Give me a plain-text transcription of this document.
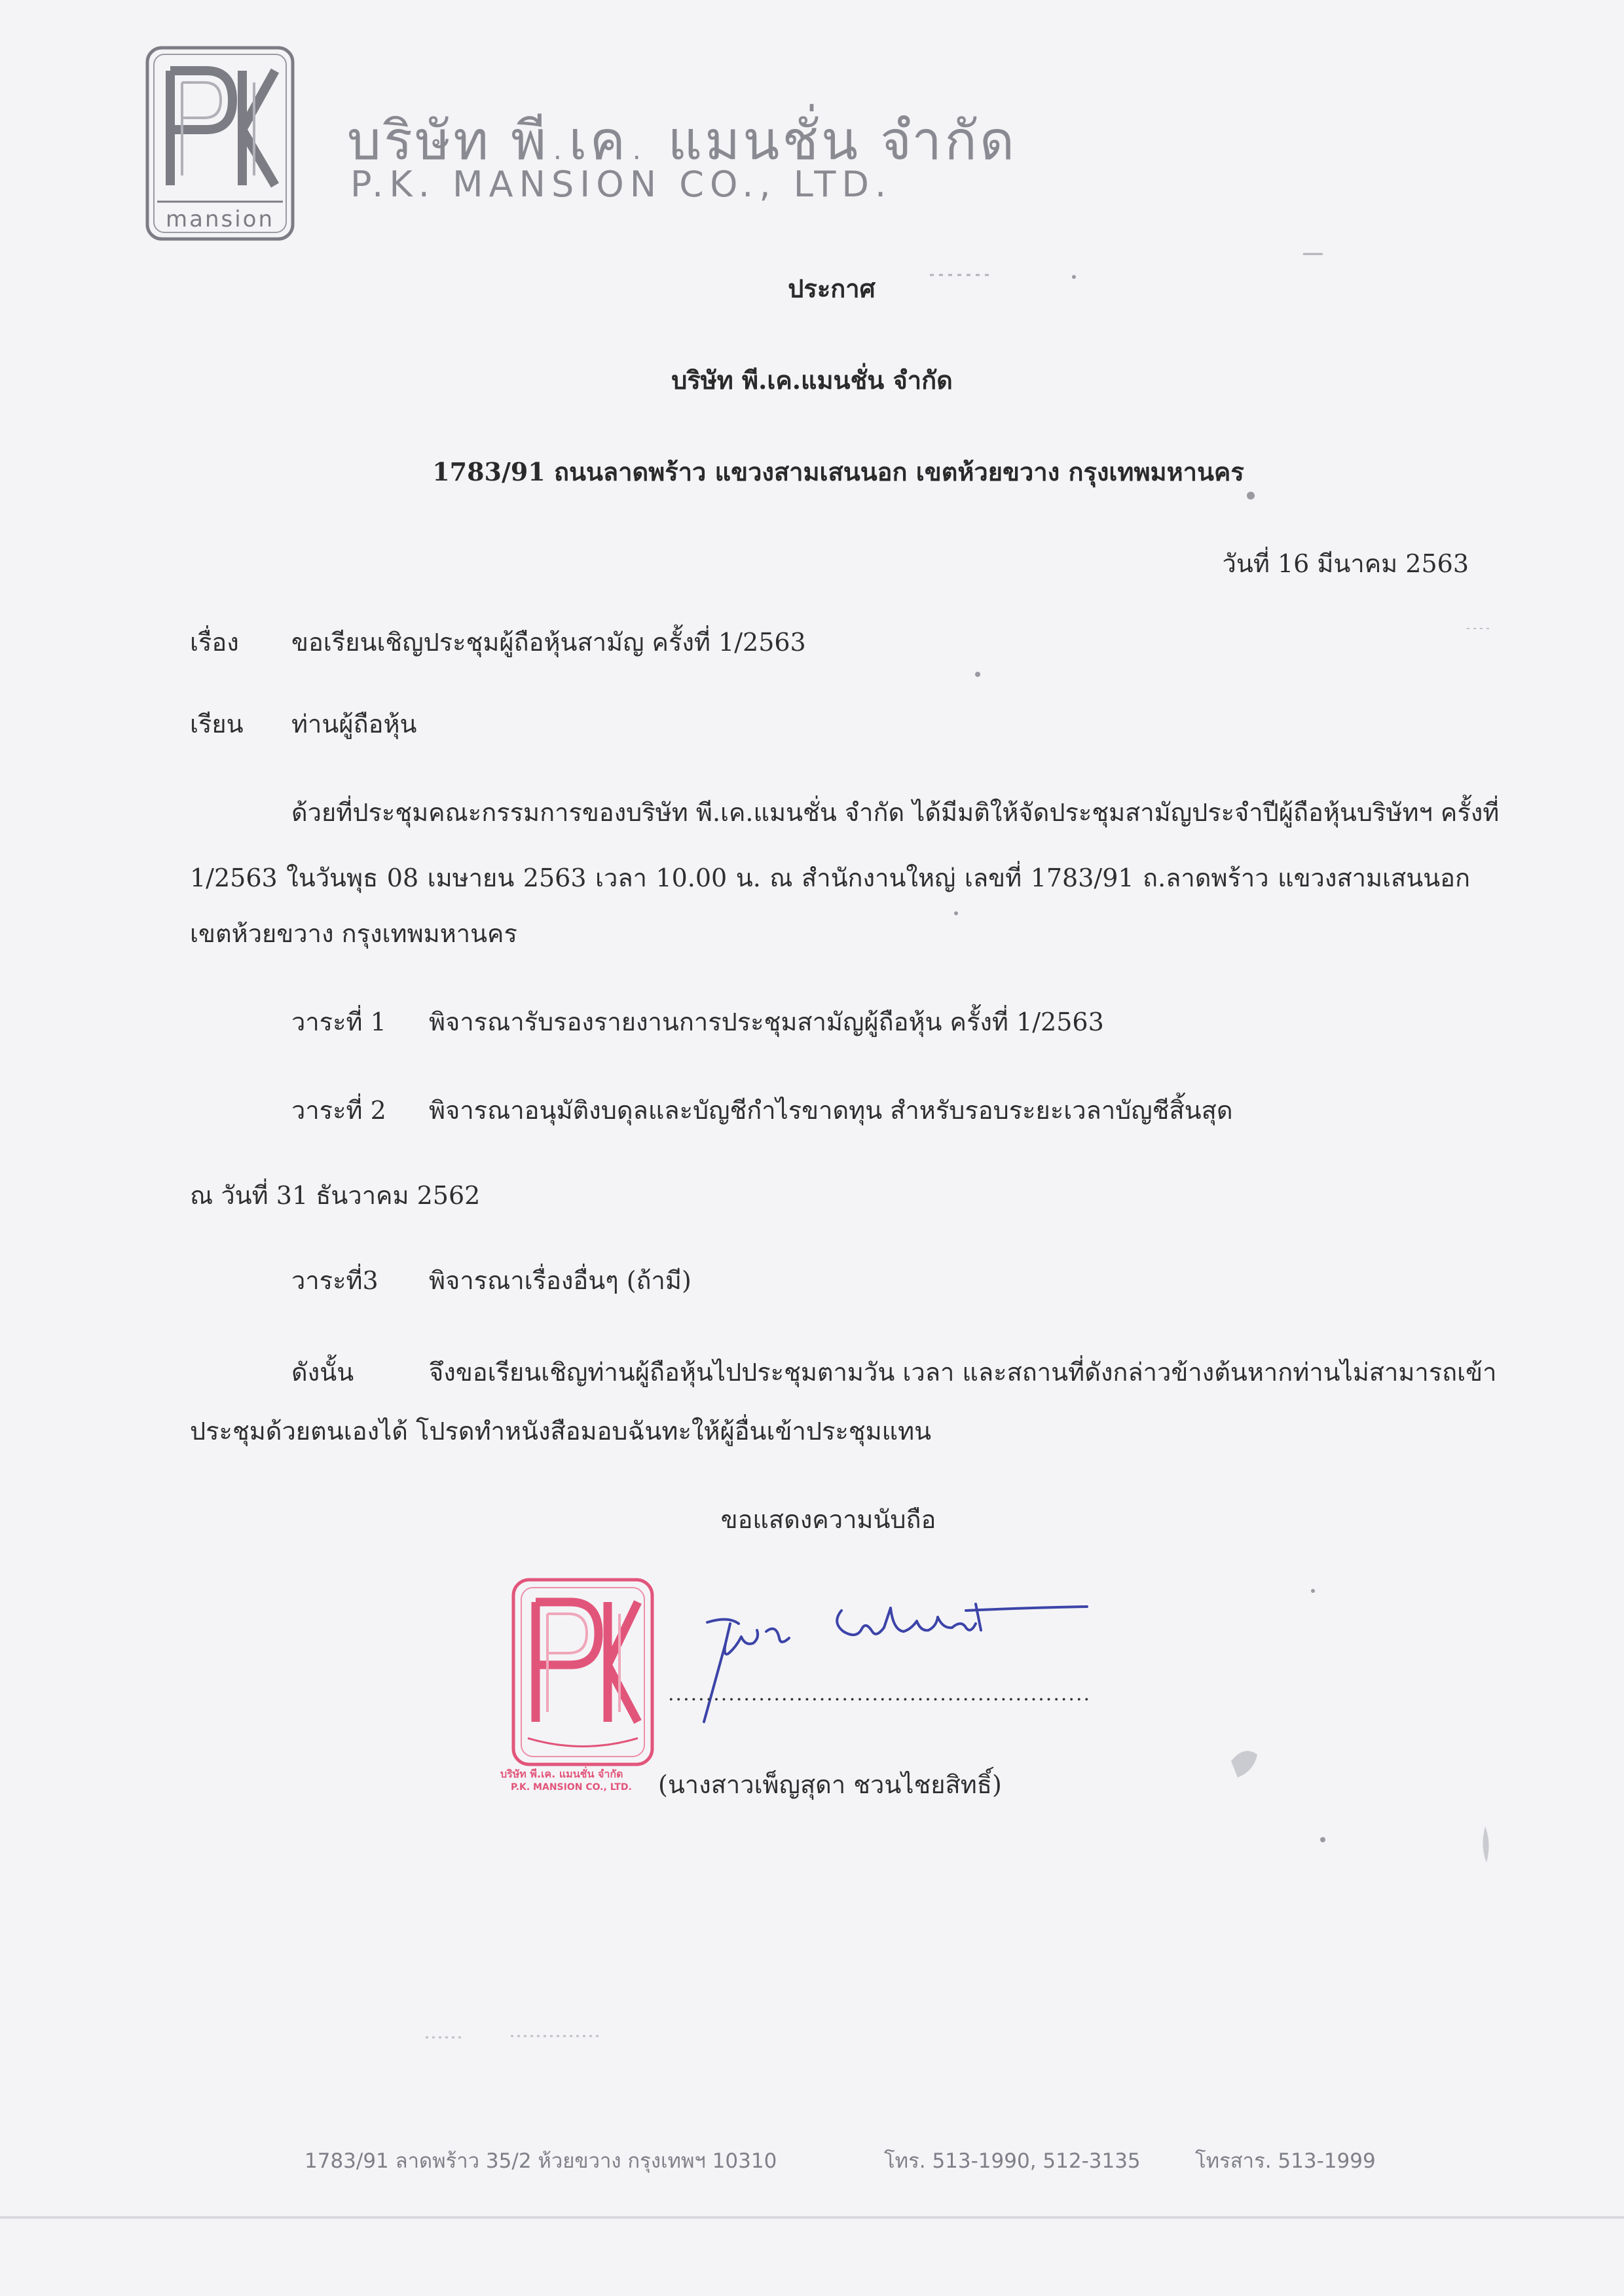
mansion

บริษัท พี.เค. แมนชั่น จำกัด

P.K. MANSION CO., LTD.

ประกาศ

บริษัท พี.เค.แมนชั่น จำกัด

1783/91 ถนนลาดพร้าว แขวงสามเสนนอก เขตห้วยขวาง กรุงเทพมหานคร

วันที่ 16 มีนาคม 2563

เรื่อง ขอเรียนเชิญประชุมผู้ถือหุ้นสามัญ ครั้งที่ 1/2563

เรียน ท่านผู้ถือหุ้น

ด้วยที่ประชุมคณะกรรมการของบริษัท พี.เค.แมนชั่น จำกัด ได้มีมติให้จัดประชุมสามัญประจำปีผู้ถือหุ้นบริษัทฯ ครั้งที่

1/2563 ในวันพุธ 08 เมษายน 2563 เวลา 10.00 น. ณ สำนักงานใหญ่ เลขที่ 1783/91 ถ.ลาดพร้าว แขวงสามเสนนอก

เขตห้วยขวาง กรุงเทพมหานคร

วาระที่ 1 พิจารณารับรองรายงานการประชุมสามัญผู้ถือหุ้น ครั้งที่ 1/2563

วาระที่ 2 พิจารณาอนุมัติงบดุลและบัญชีกำไรขาดทุน สำหรับรอบระยะเวลาบัญชีสิ้นสุด

ณ วันที่ 31 ธันวาคม 2562

วาระที่3 พิจารณาเรื่องอื่นๆ (ถ้ามี)

ดังนั้น	จึงขอเรียนเชิญท่านผู้ถือหุ้นไปประชุมตามวัน เวลา และสถานที่ดังกล่าวข้างต้นหากท่านไม่สามารถเข้า

ประชุมด้วยตนเองได้ โปรดทำหนังสือมอบฉันทะให้ผู้อื่นเข้าประชุมแทน

ขอแสดงความนับถือ

บริษัท พี.เค. แมนชั่น จำกัด

P.K. MANSION CO., LTD.

........................................................

(นางสาวเพ็ญสุดา ชวนไชยสิทธิ์)

1783/91 ลาดพร้าว 35/2 ห้วยขวาง กรุงเทพฯ 10310	โทร. 513-1990, 512-3135	โทรสาร. 513-1999
